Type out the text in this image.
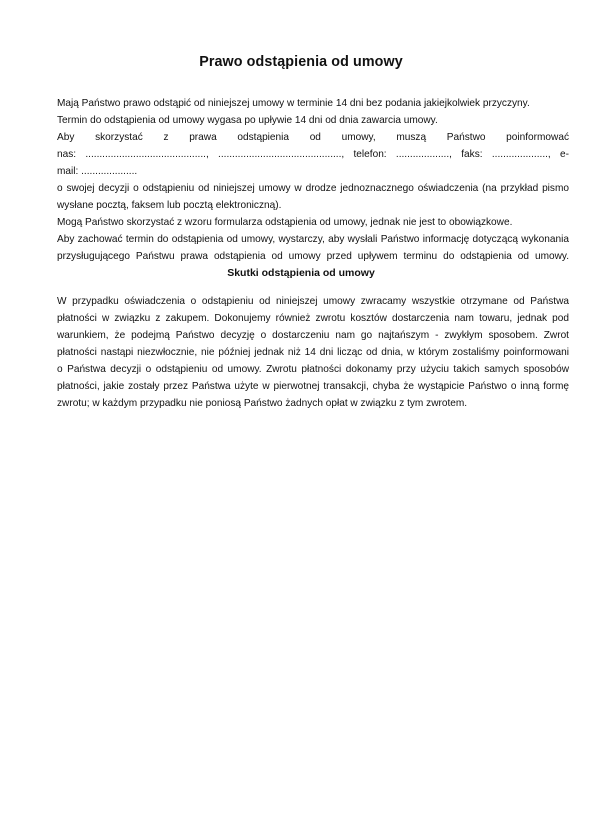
Prawo odstąpienia od umowy

Mają Państwo prawo odstąpić od niniejszej umowy w terminie 14 dni bez podania jakiejkolwiek przyczyny.

Termin do odstąpienia od umowy wygasa po upływie 14 dni od dnia zawarcia umowy.

Aby skorzystać z prawa odstąpienia od umowy, muszą Państwo poinformować

nas: ..........................................., ............................................, telefon: ..................., faks: ...................., e-

mail: ....................

o swojej decyzji o odstąpieniu od niniejszej umowy w drodze jednoznacznego oświadczenia (na przykład pismo

wysłane pocztą, faksem lub pocztą elektroniczną).

Mogą Państwo skorzystać z wzoru formularza odstąpienia od umowy, jednak nie jest to obowiązkowe.

Aby zachować termin do odstąpienia od umowy, wystarczy, aby wysłali Państwo informację dotyczącą wykonania

przysługującego Państwu prawa odstąpienia od umowy przed upływem terminu do odstąpienia od umowy.

Skutki odstąpienia od umowy

W przypadku oświadczenia o odstąpieniu od niniejszej umowy zwracamy wszystkie otrzymane od Państwa

płatności w związku z zakupem. Dokonujemy również zwrotu kosztów dostarczenia nam towaru, jednak pod

warunkiem, że podejmą Państwo decyzję o dostarczeniu nam go najtańszym - zwykłym sposobem. Zwrot

płatności nastąpi niezwłocznie, nie później jednak niż 14 dni licząc od dnia, w którym zostaliśmy poinformowani

o Państwa decyzji o odstąpieniu od umowy. Zwrotu płatności dokonamy przy użyciu takich samych sposobów

płatności, jakie zostały przez Państwa użyte w pierwotnej transakcji, chyba że wystąpicie Państwo o inną formę

zwrotu; w każdym przypadku nie poniosą Państwo żadnych opłat w związku z tym zwrotem.
